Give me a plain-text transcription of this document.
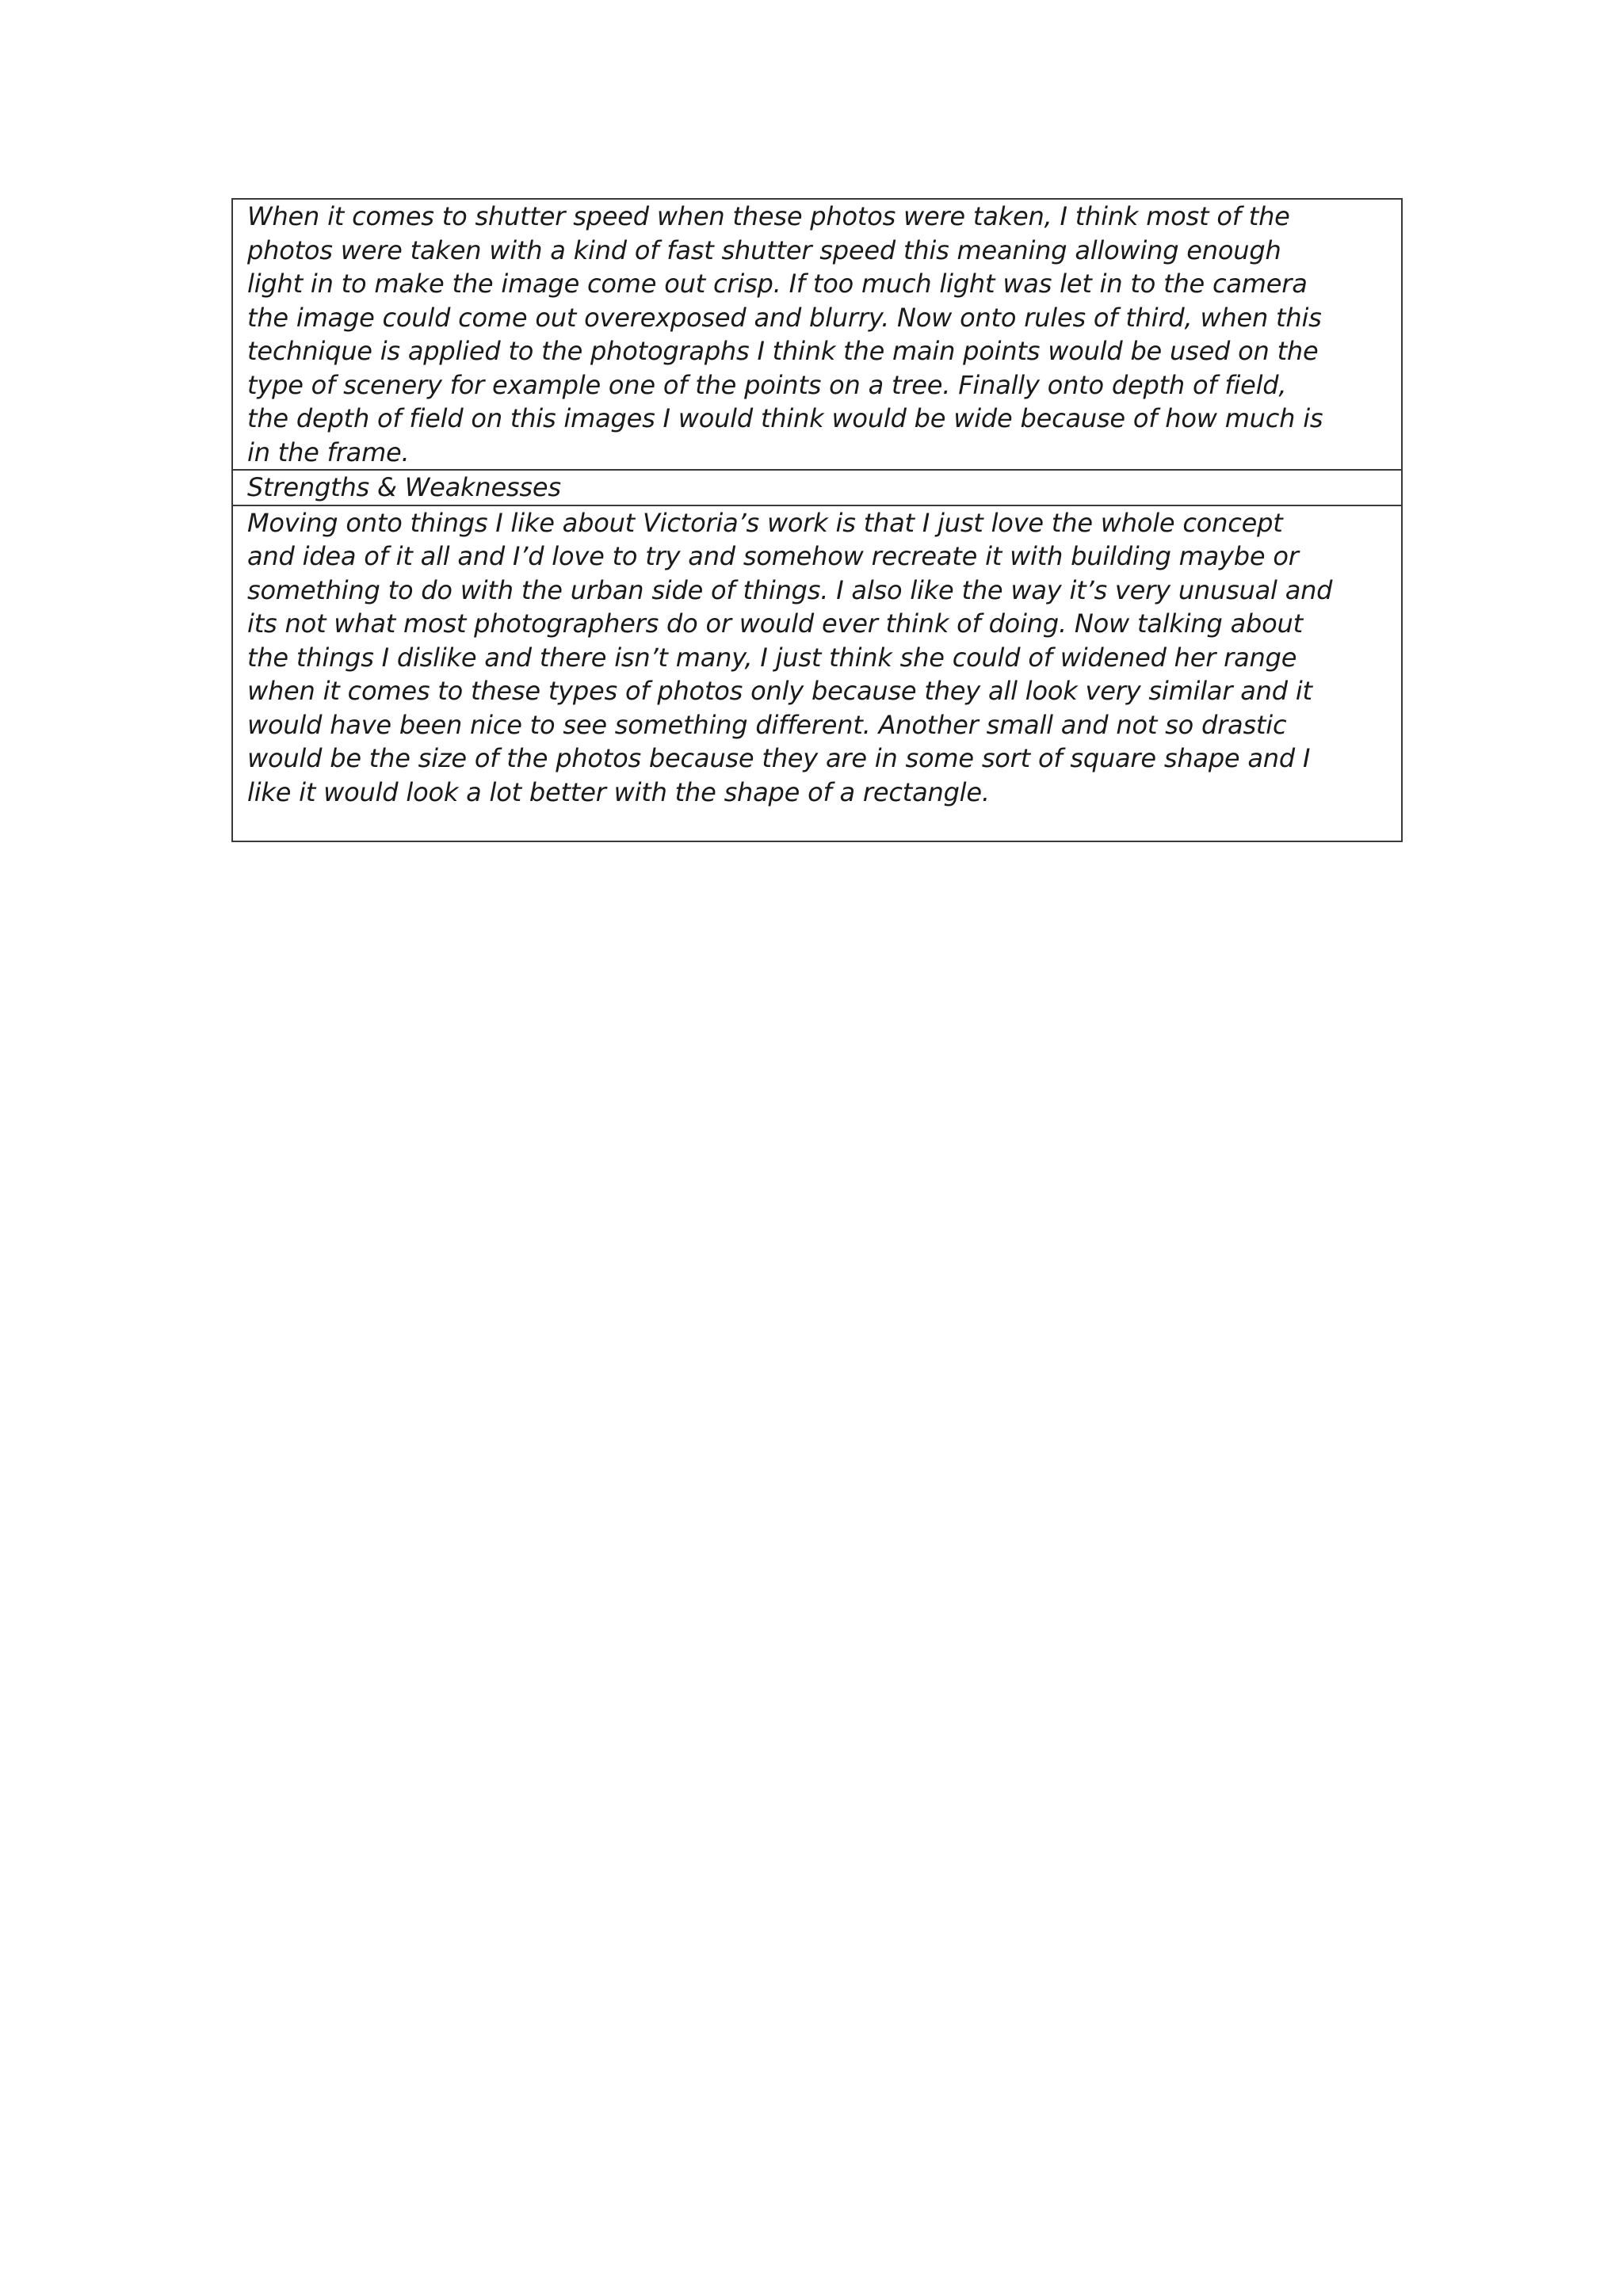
When it comes to shutter speed when these photos were taken, I think most of the
photos were taken with a kind of fast shutter speed this meaning allowing enough
light in to make the image come out crisp. If too much light was let in to the camera
the image could come out overexposed and blurry. Now onto rules of third, when this
technique is applied to the photographs I think the main points would be used on the
type of scenery for example one of the points on a tree. Finally onto depth of field,
the depth of field on this images I would think would be wide because of how much is
in the frame.

Strengths & Weaknesses

Moving onto things I like about Victoria’s work is that I just love the whole concept
and idea of it all and I’d love to try and somehow recreate it with building maybe or
something to do with the urban side of things. I also like the way it’s very unusual and
its not what most photographers do or would ever think of doing. Now talking about
the things I dislike and there isn’t many, I just think she could of widened her range
when it comes to these types of photos only because they all look very similar and it
would have been nice to see something different. Another small and not so drastic
would be the size of the photos because they are in some sort of square shape and I
like it would look a lot better with the shape of a rectangle.
